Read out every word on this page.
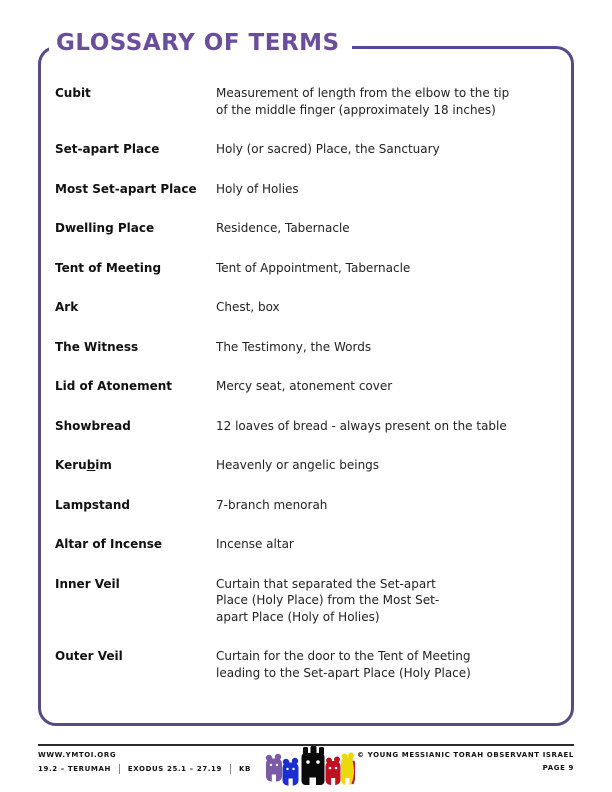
GLOSSARY OF TERMS
Cubit	Measurement of length from the elbow to the tip
of the middle finger (approximately 18 inches)
Set-apart Place	Holy (or sacred) Place, the Sanctuary
Most Set-apart Place	Holy of Holies
Dwelling Place	Residence, Tabernacle
Tent of Meeting	Tent of Appointment, Tabernacle
Ark	Chest, box
The Witness	The Testimony, the Words
Lid of Atonement	Mercy seat, atonement cover
Showbread	12 loaves of bread - always present on the table
Kerubim	Heavenly or angelic beings
Lampstand	7-branch menorah
Altar of Incense	Incense altar
Inner Veil	Curtain that separated the Set-apart
Place (Holy Place) from the Most Set-
apart Place (Holy of Holies)
Outer Veil	Curtain for the door to the Tent of Meeting
leading to the Set-apart Place (Holy Place)
WWW.YMTOI.ORG
19.2 – TERUMAH EXODUS 25.1 – 27.19 KB
© YOUNG MESSIANIC TORAH OBSERVANT ISRAEL
PAGE 9
